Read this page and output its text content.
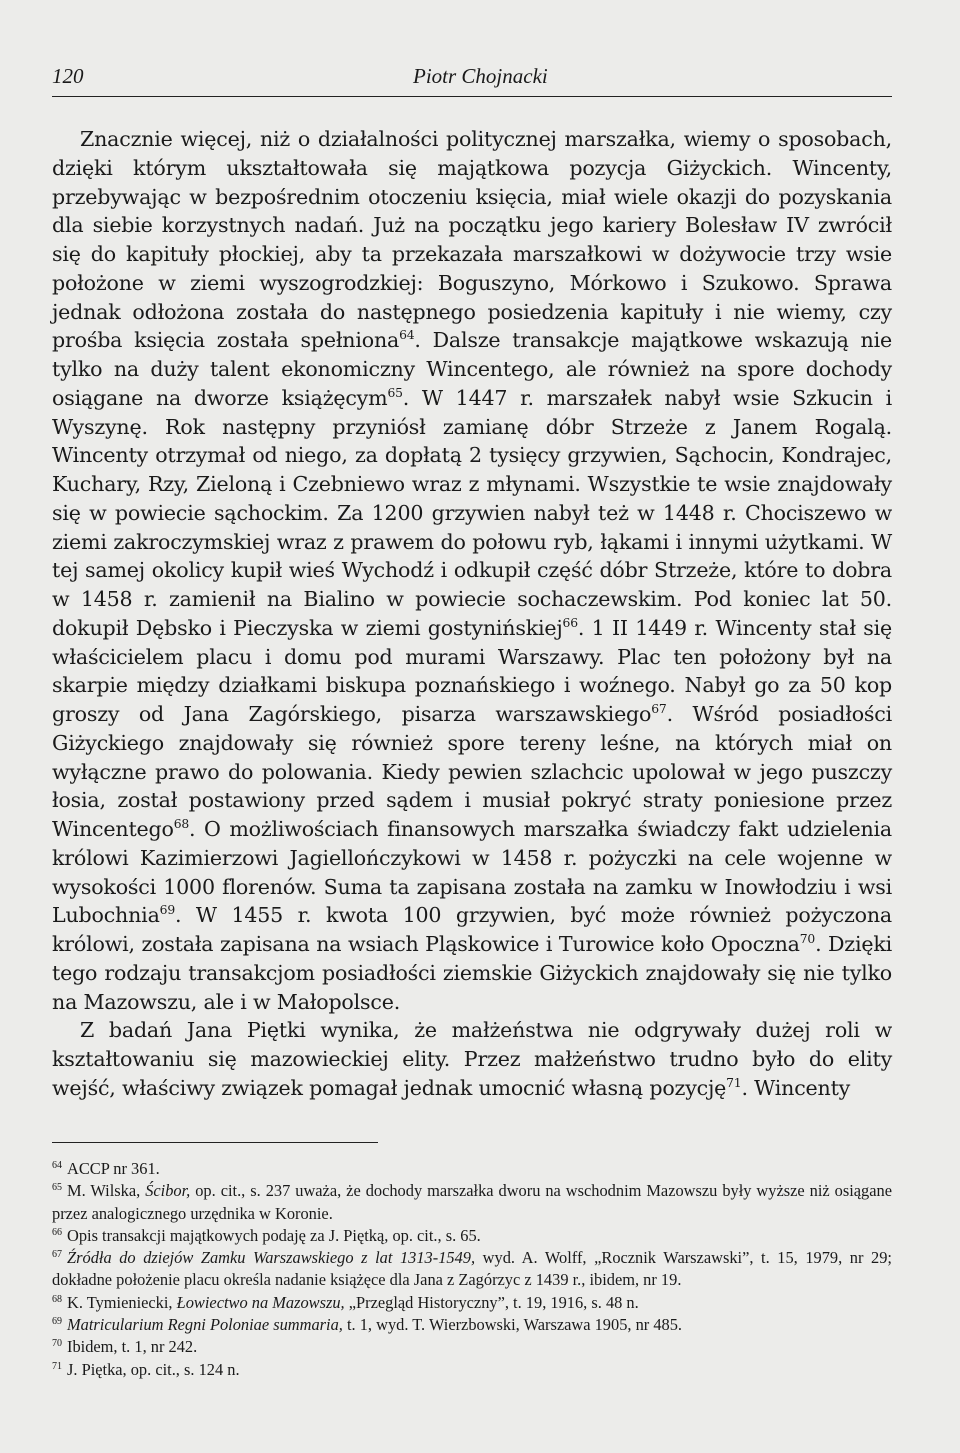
120	Piotr Chojnacki

Znacznie więcej, niż o działalności politycznej marszałka, wiemy o sposobach, dzięki którym ukształtowała się majątkowa pozycja Giżyckich. Wincenty, przebywając w bezpośrednim otoczeniu księcia, miał wiele okazji do pozyskania dla siebie korzystnych nadań. Już na początku jego kariery Bolesław IV zwrócił się do kapituły płockiej, aby ta przekazała marszałkowi w dożywocie trzy wsie położone w ziemi wyszogrodzkiej: Boguszyno, Mórkowo i Szukowo. Sprawa jednak odłożona została do następnego posiedzenia kapituły i nie wiemy, czy prośba księcia została spełniona$^{64}$. Dalsze transakcje majątkowe wskazują nie tylko na duży talent ekonomiczny Wincentego, ale również na spore dochody osiągane na dworze książęcym$^{65}$. W 1447 r. marszałek nabył wsie Szkucin i Wyszynę. Rok następny przyniósł zamianę dóbr Strzeże z Janem Rogalą. Wincenty otrzymał od niego, za dopłatą 2 tysięcy grzywien, Sąchocin, Kondrajec, Kuchary, Rzy, Zieloną i Czebniewo wraz z młynami. Wszystkie te wsie znajdowały się w powiecie sąchockim. Za 1200 grzywien nabył też w 1448 r. Chociszewo w ziemi zakroczymskiej wraz z prawem do połowu ryb, łąkami i innymi użytkami. W tej samej okolicy kupił wieś Wychodź i odkupił część dóbr Strzeże, które to dobra w 1458 r. zamienił na Bialino w powiecie sochaczewskim. Pod koniec lat 50. dokupił Dębsko i Pieczyska w ziemi gostynińskiej$^{66}$. 1 II 1449 r. Wincenty stał się właścicielem placu i domu pod murami Warszawy. Plac ten położony był na skarpie między działkami biskupa poznańskiego i woźnego. Nabył go za 50 kop groszy od Jana Zagórskiego, pisarza warszawskiego$^{67}$. Wśród posiadłości Giżyckiego znajdowały się również spore tereny leśne, na których miał on wyłączne prawo do polowania. Kiedy pewien szlachcic upolował w jego puszczy łosia, został postawiony przed sądem i musiał pokryć straty poniesione przez Wincentego$^{68}$. O możliwościach finansowych marszałka świadczy fakt udzielenia królowi Kazimierzowi Jagiellończykowi w 1458 r. pożyczki na cele wojenne w wysokości 1000 florenów. Suma ta zapisana została na zamku w Inowłodziu i wsi Lubochnia$^{69}$. W 1455 r. kwota 100 grzywien, być może również pożyczona królowi, została zapisana na wsiach Pląskowice i Turowice koło Opoczna$^{70}$. Dzięki tego rodzaju transakcjom posiadłości ziemskie Giżyckich znajdowały się nie tylko na Mazowszu, ale i w Małopolsce.

Z badań Jana Piętki wynika, że małżeństwa nie odgrywały dużej roli w kształtowaniu się mazowieckiej elity. Przez małżeństwo trudno było do elity wejść, właściwy związek pomagał jednak umocnić własną pozycję$^{71}$. Wincenty

64 ACCP nr 361.

65 M. Wilska, Ścibor, op. cit., s. 237 uważa, że dochody marszałka dworu na wschodnim Mazowszu były wyższe niż osiągane przez analogicznego urzędnika w Koronie.

66 Opis transakcji majątkowych podaję za J. Piętką, op. cit., s. 65.

67 Źródła do dziejów Zamku Warszawskiego z lat 1313-1549, wyd. A. Wolff, „Rocznik Warszawski”, t. 15, 1979, nr 29; dokładne położenie placu określa nadanie książęce dla Jana z Zagórzyc z 1439 r., ibidem, nr 19.

68 K. Tymieniecki, Łowiectwo na Mazowszu, „Przegląd Historyczny”, t. 19, 1916, s. 48 n.

69 Matricularium Regni Poloniae summaria, t. 1, wyd. T. Wierzbowski, Warszawa 1905, nr 485.

70 Ibidem, t. 1, nr 242.

71 J. Piętka, op. cit., s. 124 n.
